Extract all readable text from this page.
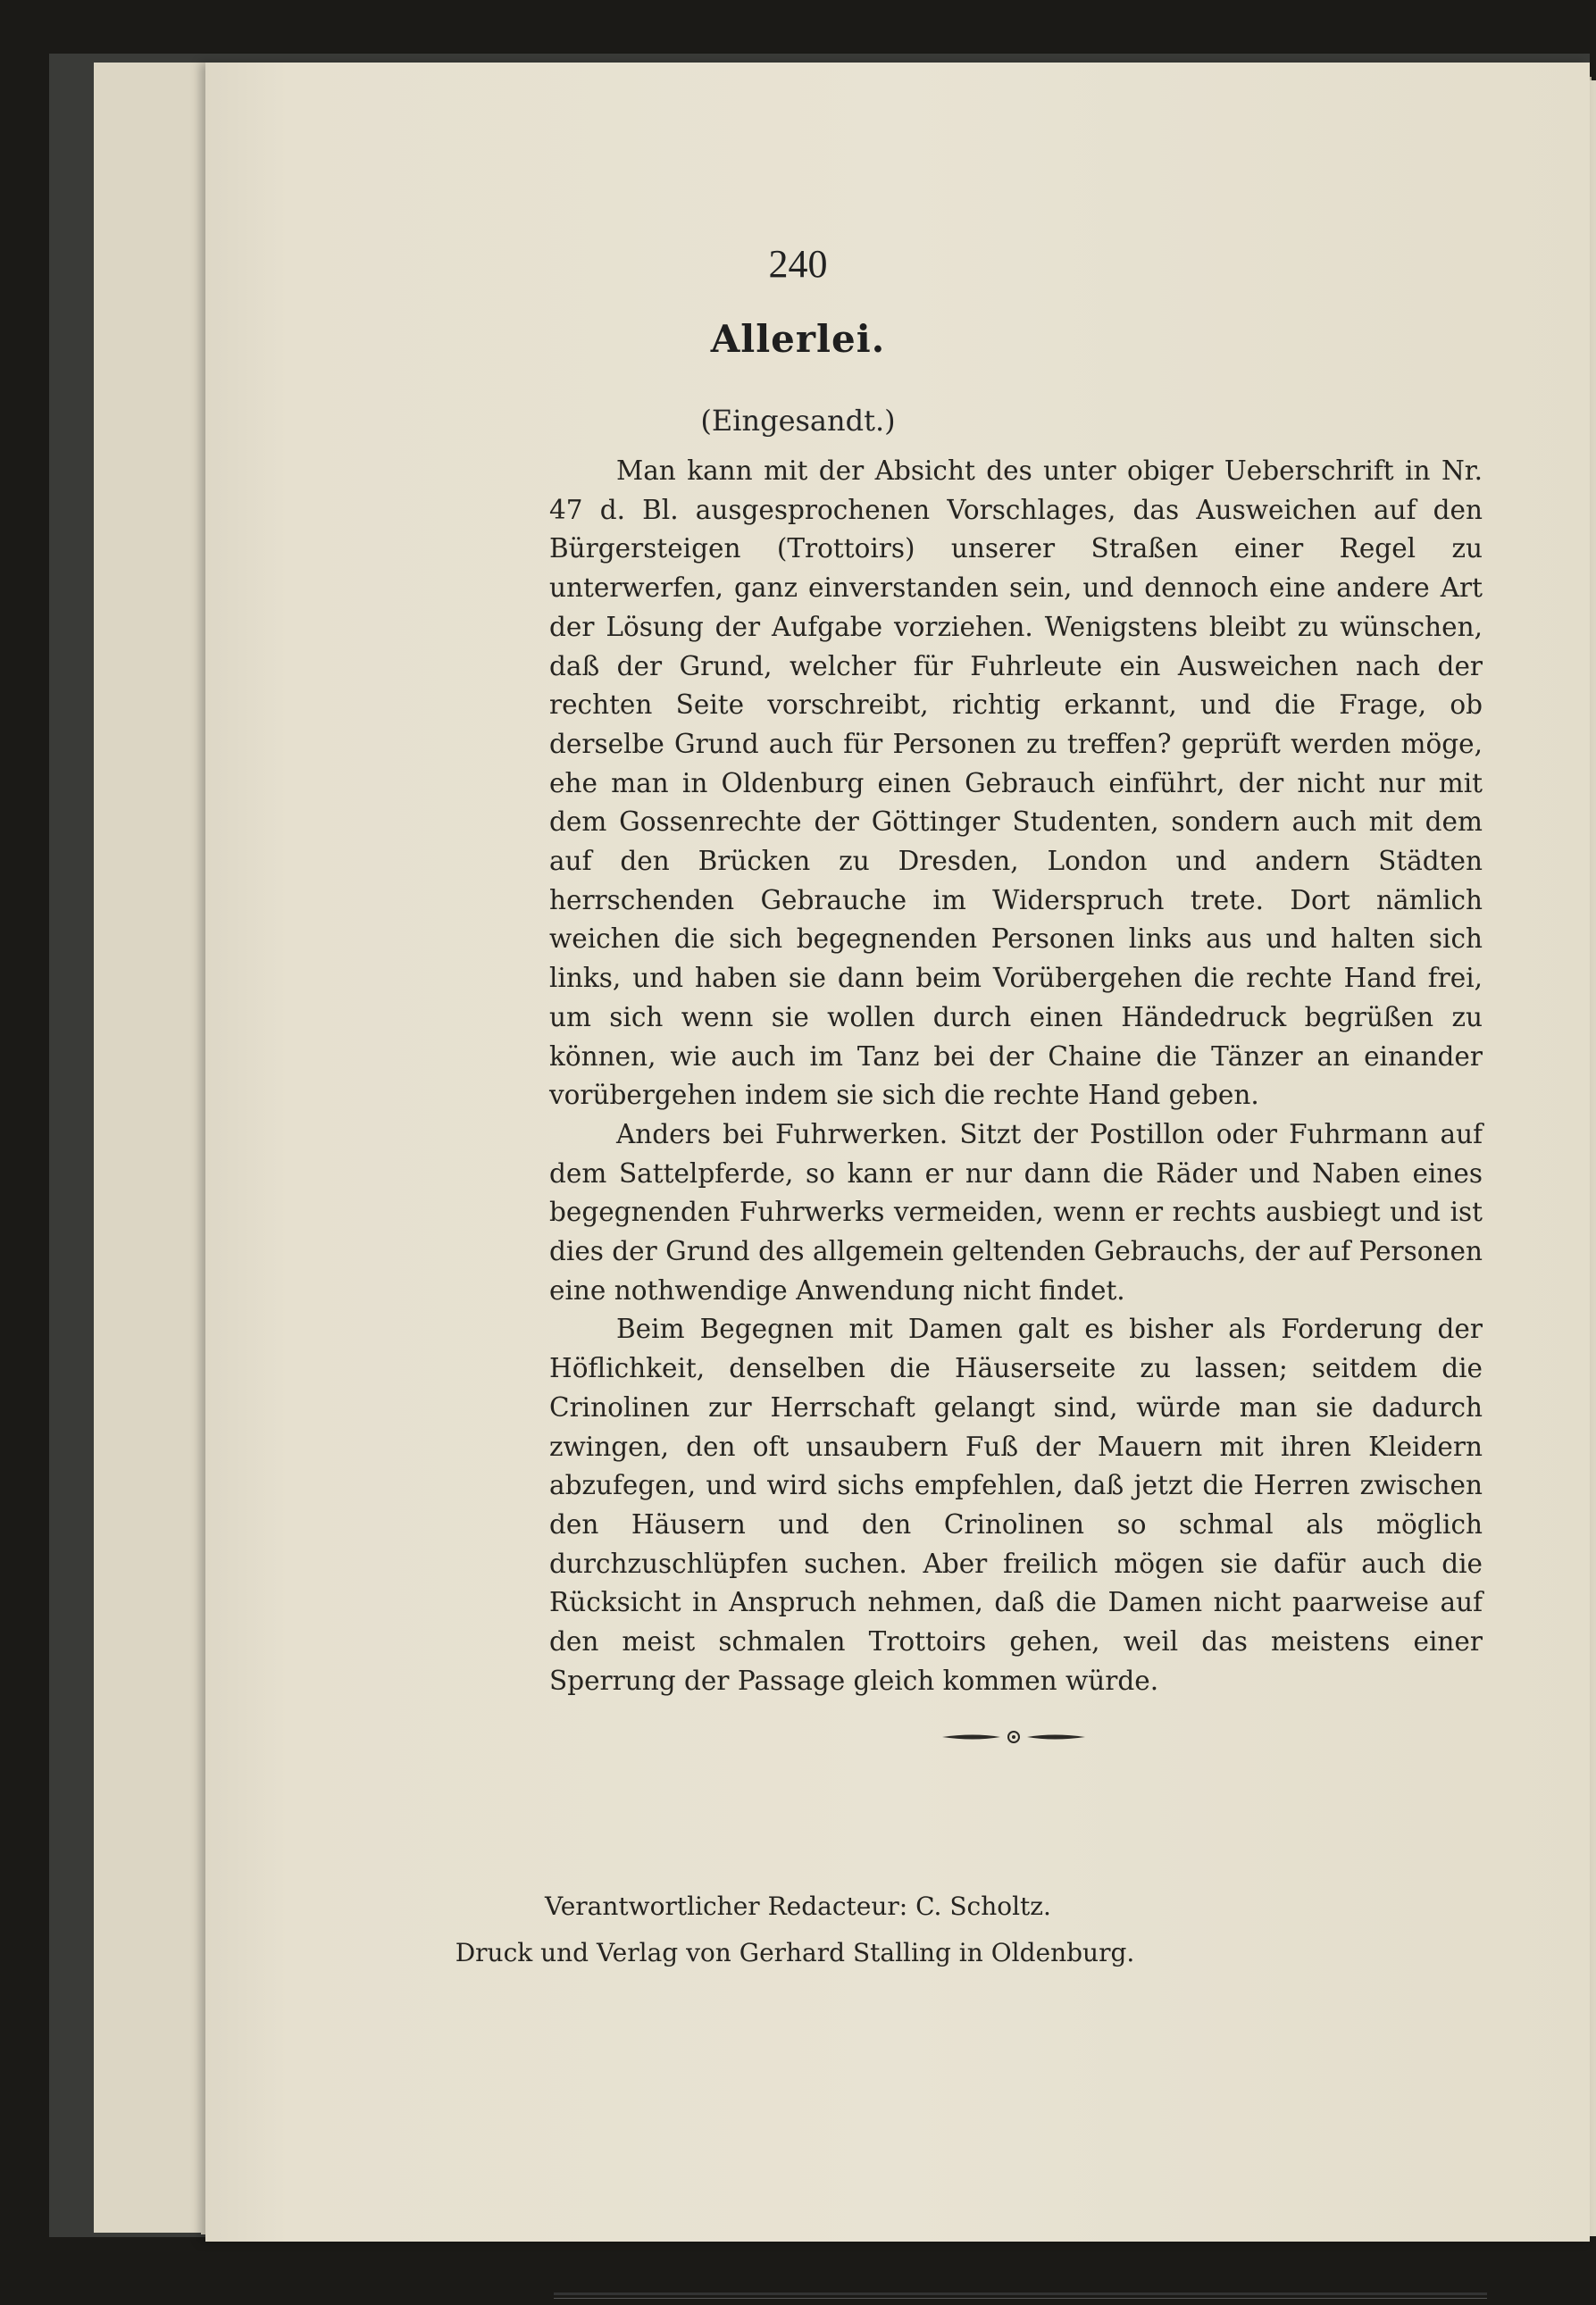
240
Allerlei.
(Eingesandt.)

Man kann mit der Absicht des unter obiger Ueberschrift in Nr. 47 d. Bl. ausgesprochenen Vorschlages, das Ausweichen auf den Bürgersteigen (Trottoirs) unserer Straßen einer Regel zu unterwerfen, ganz einverstanden sein, und dennoch eine andere Art der Lösung der Aufgabe vorziehen. Wenigstens bleibt zu wünschen, daß der Grund, welcher für Fuhrleute ein Ausweichen nach der rechten Seite vorschreibt, richtig erkannt, und die Frage, ob derselbe Grund auch für Personen zu treffen? geprüft werden möge, ehe man in Oldenburg einen Gebrauch einführt, der nicht nur mit dem Gossenrechte der Göttinger Studenten, sondern auch mit dem auf den Brücken zu Dresden, London und andern Städten herrschenden Gebrauche im Widerspruch trete. Dort nämlich weichen die sich begegnenden Personen links aus und halten sich links, und haben sie dann beim Vorübergehen die rechte Hand frei, um sich wenn sie wollen durch einen Händedruck begrüßen zu können, wie auch im Tanz bei der Chaine die Tänzer an einander vorübergehen indem sie sich die rechte Hand geben.

Anders bei Fuhrwerken. Sitzt der Postillon oder Fuhrmann auf dem Sattelpferde, so kann er nur dann die Räder und Naben eines begegnenden Fuhrwerks vermeiden, wenn er rechts ausbiegt und ist dies der Grund des allgemein geltenden Gebrauchs, der auf Personen eine nothwendige Anwendung nicht findet.

Beim Begegnen mit Damen galt es bisher als Forderung der Höflichkeit, denselben die Häuserseite zu lassen; seitdem die Crinolinen zur Herrschaft gelangt sind, würde man sie dadurch zwingen, den oft unsaubern Fuß der Mauern mit ihren Kleidern abzufegen, und wird sichs empfehlen, daß jetzt die Herren zwischen den Häusern und den Crinolinen so schmal als möglich durchzuschlüpfen suchen. Aber freilich mögen sie dafür auch die Rücksicht in Anspruch nehmen, daß die Damen nicht paarweise auf den meist schmalen Trottoirs gehen, weil das meistens einer Sperrung der Passage gleich kommen würde.

Verantwortlicher Redacteur: C. Scholtz.
Druck und Verlag von Gerhard Stalling in Oldenburg.
